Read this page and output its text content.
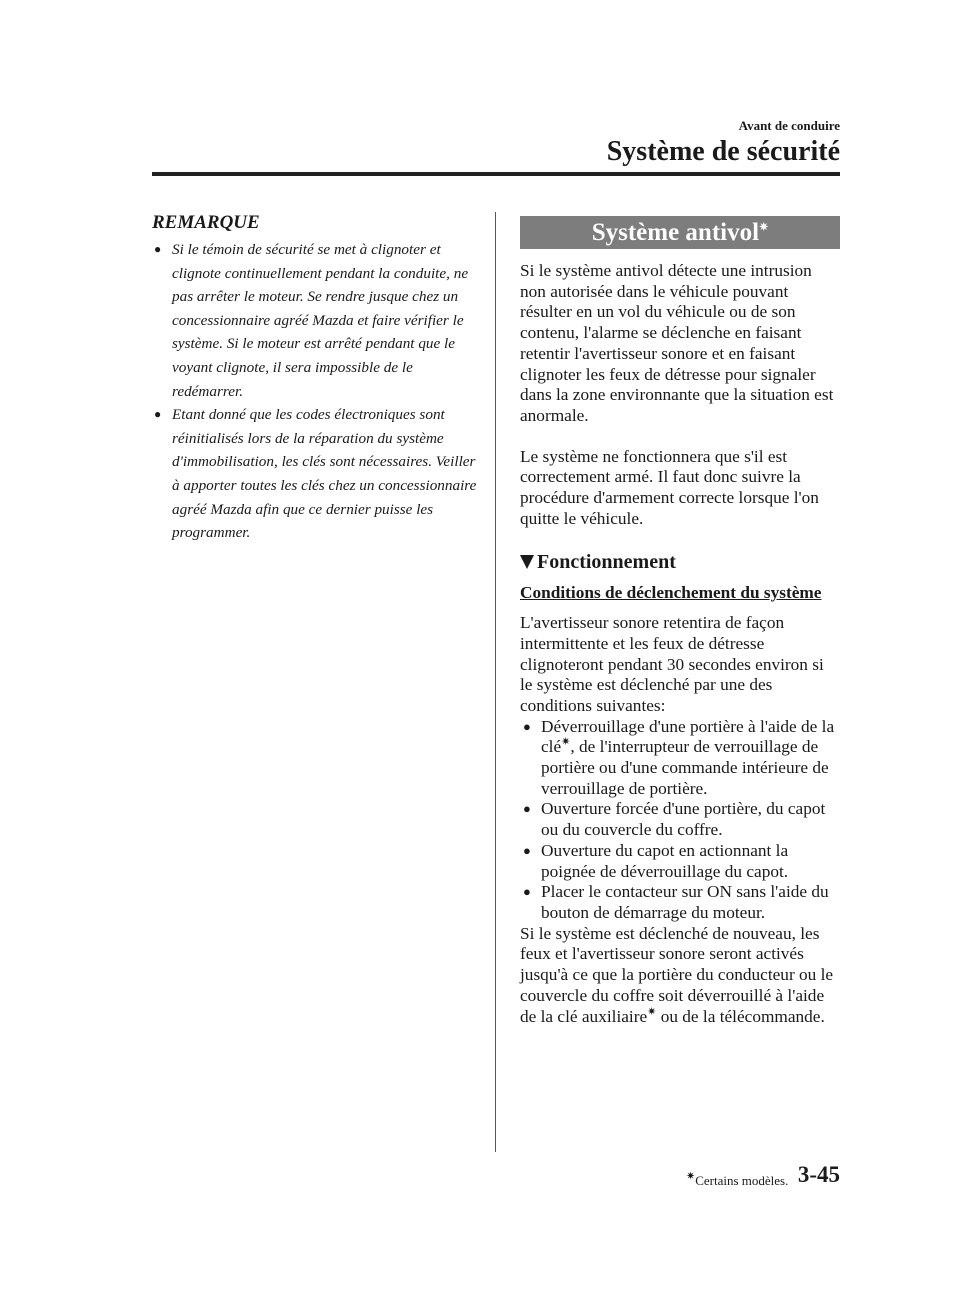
Avant de conduire
Système de sécurité
REMARQUE
● Si le témoin de sécurité se met à clignoter et clignote continuellement pendant la conduite, ne pas arrêter le moteur. Se rendre jusque chez un concessionnaire agréé Mazda et faire vérifier le système. Si le moteur est arrêté pendant que le voyant clignote, il sera impossible de le redémarrer.
● Etant donné que les codes électroniques sont réinitialisés lors de la réparation du système d'immobilisation, les clés sont nécessaires. Veiller à apporter toutes les clés chez un concessionnaire agréé Mazda afin que ce dernier puisse les programmer.
Système antivol✷

Si le système antivol détecte une intrusion non autorisée dans le véhicule pouvant résulter en un vol du véhicule ou de son contenu, l'alarme se déclenche en faisant retentir l'avertisseur sonore et en faisant clignoter les feux de détresse pour signaler dans la zone environnante que la situation est anormale.

Le système ne fonctionnera que s'il est correctement armé. Il faut donc suivre la procédure d'armement correcte lorsque l'on quitte le véhicule.

Fonctionnement
Conditions de déclenchement du système

L'avertisseur sonore retentira de façon intermittente et les feux de détresse clignoteront pendant 30 secondes environ si le système est déclenché par une des conditions suivantes:

● Déverrouillage d'une portière à l'aide de la clé✷, de l'interrupteur de verrouillage de portière ou d'une commande intérieure de verrouillage de portière.
● Ouverture forcée d'une portière, du capot ou du couvercle du coffre.
● Ouverture du capot en actionnant la poignée de déverrouillage du capot.
● Placer le contacteur sur ON sans l'aide du bouton de démarrage du moteur.

Si le système est déclenché de nouveau, les feux et l'avertisseur sonore seront activés jusqu'à ce que la portière du conducteur ou le couvercle du coffre soit déverrouillé à l'aide de la clé auxiliaire✷ ou de la télécommande.

✷Certains modèles. 3-45
